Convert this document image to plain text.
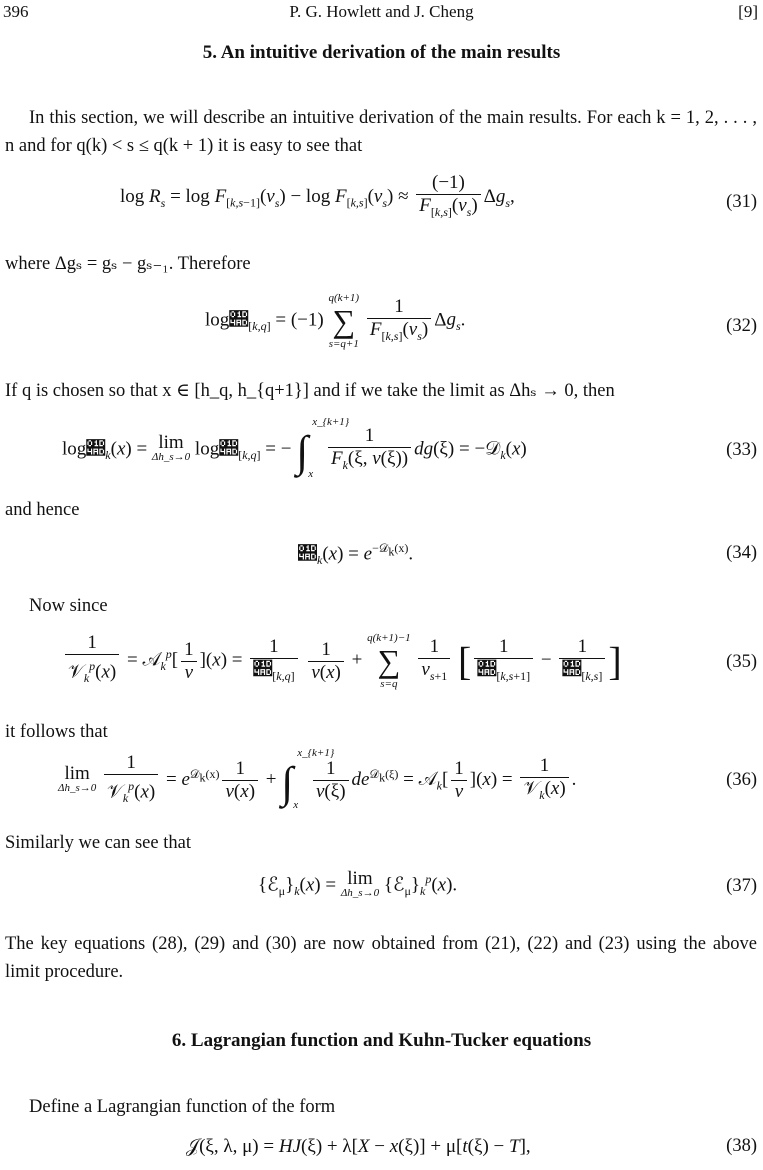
396	P. G. Howlett and J. Cheng	[9]
5. An intuitive derivation of the main results
In this section, we will describe an intuitive derivation of the main results. For each k = 1, 2, . . . , n and for q(k) < s ≤ q(k + 1) it is easy to see that
$\log R_s = \log F_{[k,s-1]}(v_s) - \log F_{[k,s]}(v_s) \approx \frac{(-1)}{F_{[k,s]}(v_s)} \Delta g_s$,	(31)
where Δgₛ = gₛ − gₛ₋₁. Therefore
$\log𝒭_{[k,q]} = (-1)$
q(k+1)
∑
s=q+1
$\frac{1}{F_{[k,s]}(v_s)} \Delta g_s$.	(32)
If q is chosen so that x ∈ [h_q, h_{q+1}] and if we take the limit as Δhₛ → 0, then
$\log𝒭_k(x) = \lim$
Δh_s→0 $\log𝒭_{[k,q]}$ = − ∫
x_{k+1}
x
$\frac{1}{F_k(\xi, v(\xi))} dg(\xi)$ = −𝒟$_k$(x)	(33)
and hence
$𝒭_k(x) = e^{-𝒟_k(x)}$.	(34)
Now since
$\frac{1}{𝒱_k^p(x)}$ = 𝒜$_k^p$[ $\frac{1}{v} ](x) = \frac{1}{𝒭_{[k,q]}}$
$\frac{1}{v(x)}$ +
q(k+1)−1
∑
s=q
	$\frac{1}{v_{s+1}}$ [ $\frac{1}{𝒭_{[k,s+1]}} - \frac{1}{𝒭_{[k,s]}}$ ]	(35)
it follows that
lim
Δh_s→0
$\frac{1}{𝒱_k^p(x)} = e^{𝒟_k(x)} \frac{1}{v(x)}$ + ∫
x_{k+1}
x

$\frac{1}{v(\xi)} de^{𝒟_k(\xi)}$ = 𝒜$_k$[ $\frac{1}{v} ](x) = \frac{1}{𝒱_k(x)}$ .	(36)
Similarly we can see that
$\{ℰ_\mu\}_k(x) = \lim$
Δh_s→0 $\{ℰ_\mu\}_k^p(x)$.	(37)
The key equations (28), (29) and (30) are now obtained from (21), (22) and (23) using the above limit procedure.
6. Lagrangian function and Kuhn-Tucker equations
Define a Lagrangian function of the form
𝒥(ξ, λ, μ) = HJ(ξ) + λ[X − x(ξ)] + μ[t(ξ) − T],	(38)
